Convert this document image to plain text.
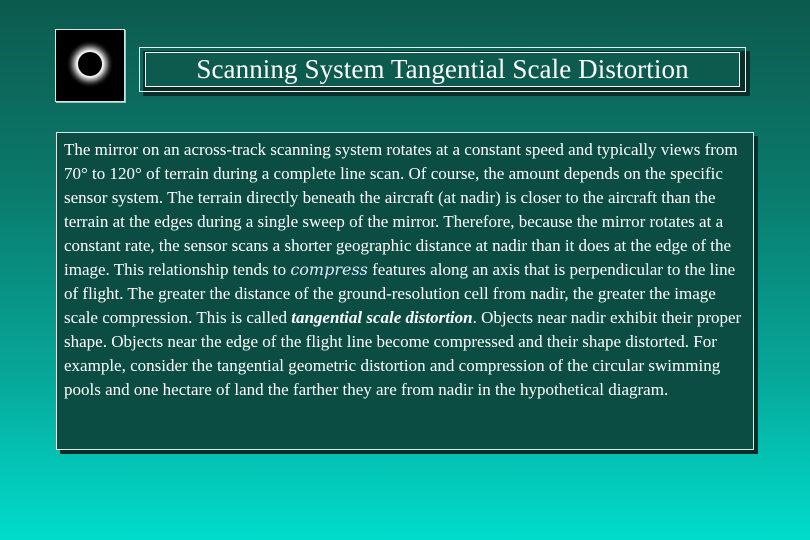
Scanning System Tangential Scale Distortion

The mirror on an across-track scanning system rotates at a constant speed and typically views from 70° to 120° of terrain during a complete line scan. Of course, the amount depends on the specific sensor system. The terrain directly beneath the aircraft (at nadir) is closer to the aircraft than the terrain at the edges during a single sweep of the mirror. Therefore, because the mirror rotates at a constant rate, the sensor scans a shorter geographic distance at nadir than it does at the edge of the image. This relationship tends to compress features along an axis that is perpendicular to the line of flight. The greater the distance of the ground-resolution cell from nadir, the greater the image scale compression. This is called tangential scale distortion. Objects near nadir exhibit their proper shape. Objects near the edge of the flight line become compressed and their shape distorted. For example, consider the tangential geometric distortion and compression of the circular swimming pools and one hectare of land the farther they are from nadir in the hypothetical diagram.
